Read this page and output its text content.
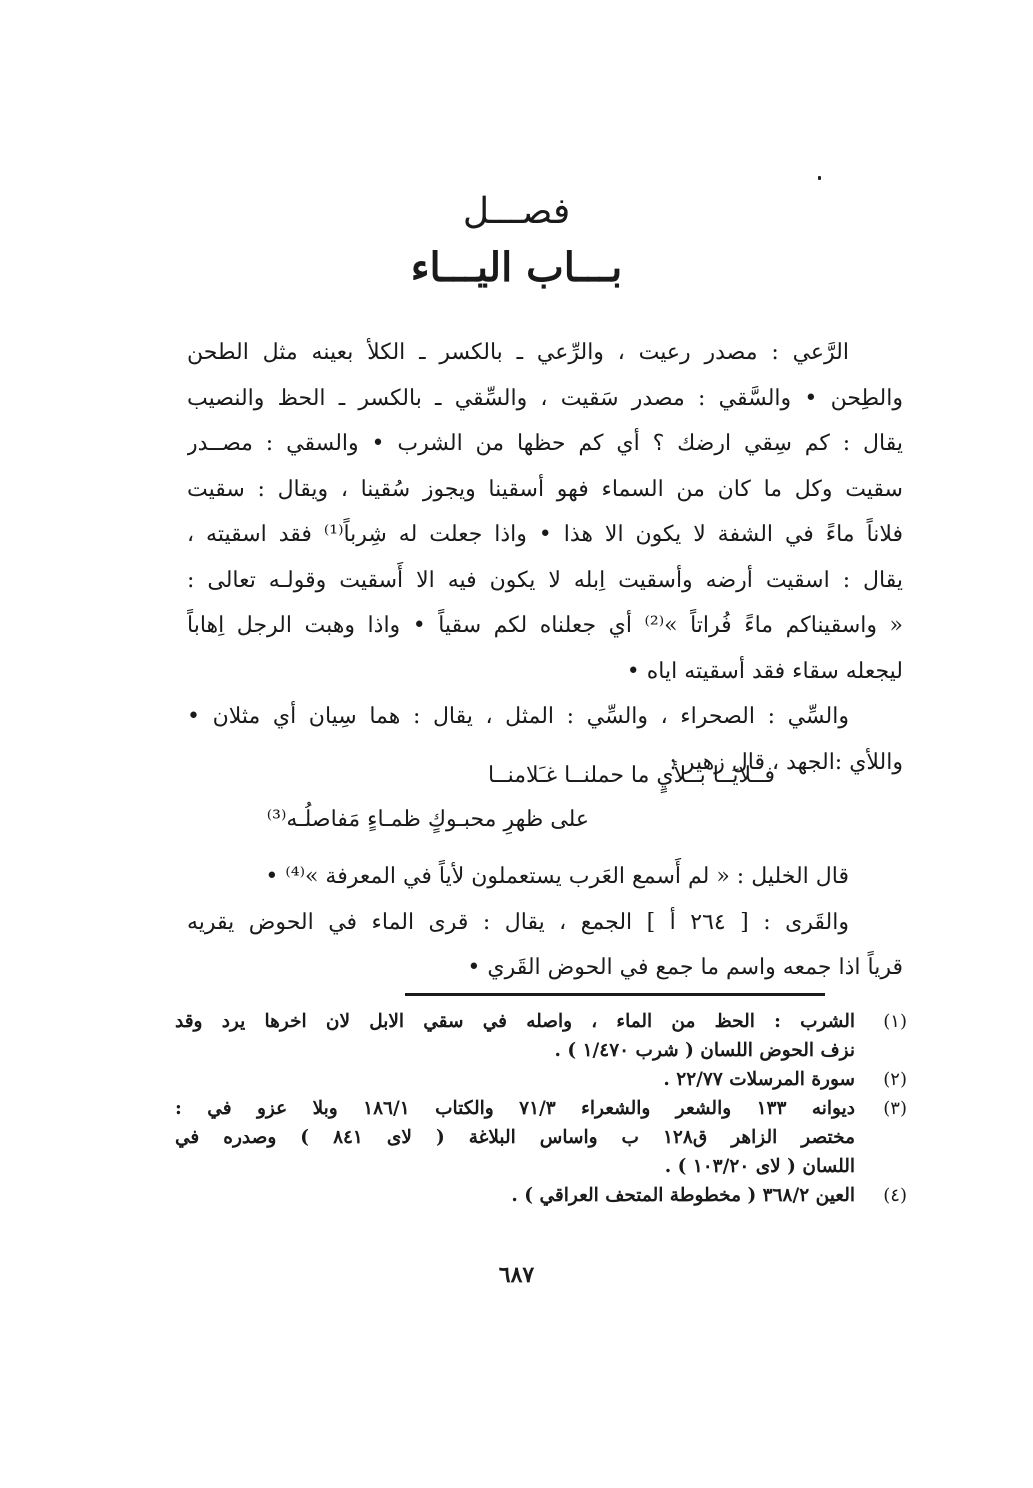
فصـــل
بـــاب اليـــاء
الرَّعي : مصدر رعيت ، والرِّعي ـ بالكسر ـ الكلأ بعينه مثل الطحن
والطِحن • والسَّقي : مصدر سَقيت ، والسِّقي ـ بالكسر ـ الحظ والنصيب
يقال : كم سِقي ارضك ؟ أي كم حظها من الشرب • والسقي : مصــدر
سقيت وكل ما كان من السماء فهو أسقينا ويجوز سُقينا ، ويقال : سقيت
فلاناً ماءً في الشفة لا يكون الا هذا • واذا جعلت له شِرباً⁽¹⁾ فقد اسقيته ،
يقال : اسقيت أرضه وأسقيت اِبله لا يكون فيه الا أَسقيت وقولـه تعالى :
« واسقيناكم ماءً فُراتاً »⁽²⁾ أي جعلناه لكم سقياً • واذا وهبت الرجل اِهاباً
ليجعله سقاء فقد أسقيته اياه •
والسِّي : الصحراء ، والسِّي : المثل ، يقال : هما سِيان أي مثلان •
واللأي :الجهد ، قال زهير :
فــلايَــا بــلأيٍ ما حملنــا غـَلامنــا
على ظهرِ محبـوكٍ ظمـاءٍ مَفاصلُـه⁽³⁾
قال الخليل : « لم أَسمع العَرب يستعملون لأياً في المعرفة »⁽⁴⁾ •
والقَرى : [ ٢٦٤ أ ] الجمع ، يقال : قرى الماء في الحوض يقريه
قرياً اذا جمعه واسم ما جمع في الحوض القَري •
(١)
الشرب : الحظ من الماء ، واصله في سقي الابل لان اخرها يرد وقد
نزف الحوض اللسان ( شرب ١/٤٧٠ ) .
(٢)
سورة المرسلات ٢٢/٧٧ .
(٣)
ديوانه ١٣٣ والشعر والشعراء ٧١/٣ والكتاب ١٨٦/١ وبلا عزو في :
مختصر الزاهر ق١٢٨ ب واساس البلاغة ( لاى ٨٤١ ) وصدره في
اللسان ( لاى ١٠٣/٢٠ ) .
(٤)
العين ٣٦٨/٢ ( مخطوطة المتحف العراقي ) .
٦٨٧
